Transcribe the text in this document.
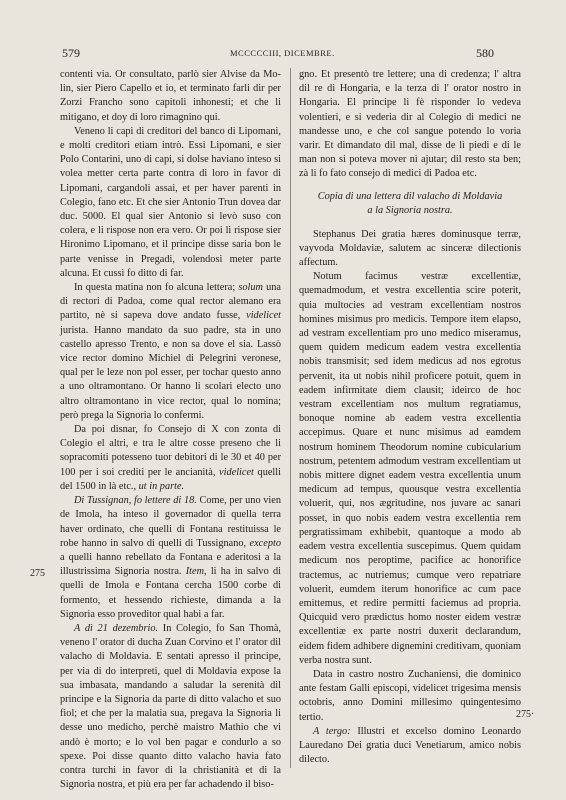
579	MCCCCCIII, DICEMBRE.	580
275
275·

contenti via. Or consultato, parlò sier Alvise da Mo-lin, sier Piero Capello et io, et terminato farli dir per Zorzi Francho sono capitoli inhonesti; et che li mitigano, et doy di loro rimagnino qui.

Veneno li capi di creditori del banco di Lipomani, e molti creditori etiam intrò. Essi Lipomani, e sier Polo Contarini, uno di capi, si dolse haviano inteso si volea metter certa parte contra di loro in favor di Lipomani, cargandoli assai, et per haver parenti in Colegio, fano etc. Et che sier Antonio Trun dovea dar duc. 5000. El qual sier Antonio si levò suso con colera, e li rispose non era vero. Or poi li rispose sier Hironimo Lipomano, et il principe disse saria bon le parte venisse in Pregadi, volendosi meter parte alcuna. Et cussì fo ditto di far.

In questa matina non fo alcuna lettera; solum una di rectori di Padoa, come qual rector alemano era partito, nè si sapeva dove andato fusse, videlicet jurista. Hanno mandato da suo padre, sta in uno castello apresso Trento, e non sa dove el sia. Lassò vice rector domino Michiel di Pelegrini veronese, qual per le leze non pol esser, per tochar questo anno a uno oltramontano. Or hanno li scolari electo uno altro oltramontano in vice rector, qual lo nomina; però prega la Signoria lo confermi.

Da poi disnar, fo Consejo di X con zonta di Colegio el altri, e tra le altre cosse preseno che li sopracomiti potesseno tuor debitori di le 30 et 40 per 100 per i soi crediti per le ancianità, videlicet quelli del 1500 in là etc., ut in parte.

Di Tussignan, fo lettere di 18. Come, per uno vien de Imola, ha inteso il governador di quella terra haver ordinato, che quelli di Fontana restituissa le robe hanno in salvo di quelli di Tussignano, excepto a quelli hanno rebellato da Fontana e aderitosi a la illustrissima Signoria nostra. Item, li ha in salvo di quelli de Imola e Fontana cercha 1500 corbe di formento, et hessendo richieste, dimanda a la Signoria esso proveditor qual habi a far.

A dì 21 dezembrio. In Colegio, fo San Thomà, veneno l' orator di ducha Zuan Corvino et l' orator dil valacho di Moldavia. E sentati apresso il principe, per via di do interpreti, quel di Moldavia expose la sua imbasata, mandando a saludar la serenità dil principe e la Signoria da parte di ditto valacho et suo fiol; et che per la malatia sua, pregava la Signoria li desse uno medicho, perchè maistro Mathio che vi andò è morto; e lo vol ben pagar e condurlo a so spexe. Poi disse quanto ditto valacho havia fato contra turchi in favor di la christianità et di la Signoria nostra, et più era per far achadendo il biso-

gno. Et presentò tre lettere; una di credenza; l' altra dil re di Hongaria, e la terza di l' orator nostro in Hongaria. El principe li fè risponder lo vedeva volentieri, e si vederia dir al Colegio di medici ne mandesse uno, e che col sangue potendo lo voria varir. Et dimandato dil mal, disse de lì piedi e di le man non si poteva mover nì ajutar; dil resto sta ben; zà li fo fato consejo di medici di Padoa etc.

Copia di una lettera dil valacho di Moldavia
a la Signoria nostra.

Stephanus Dei gratia hæres dominusque terræ, vayvoda Moldaviæ, salutem ac sinceræ dilectionis affectum.

Notum facimus vestræ excellentiæ, quemadmodum, et vestra excellentia scire poterit, quia multocies ad vestram excellentiam nostros homines misimus pro medicis. Tempore item elapso, ad vestram excellentiam pro uno medico miseramus, quem quidem medicum eadem vestra excellentia nobis transmisit; sed idem medicus ad nos egrotus pervenit, ita ut nobis nihil proficere potuit, quem in eadem infirmitate diem clausit; ideirco de hoc vestram excellentiam nos multum regratiamus, bonoque nomine ab eadem vestra excellentia accepimus. Quare et nunc misimus ad eamdem nostrum hominem Theodorum nomine cubicularium nostrum, petentem admodum vestram excellentiam ut nobis mittere dignet eadem vestra excellentia unum medicum ad tempus, quousque vestra excellentia voluerit, qui, nos ægritudine, nos juvare ac sanari posset, in quo nobis eadem vestra excellentia rem pergratissimam exhibebit, quantoque a modo ab eadem vestra excellentia suscepimus. Quem quidam medicum nos peroptime, pacifice ac honorifice tractemus, ac nutriemus; cumque vero repatriare voluerit, eumdem iterum honorifice ac cum pace emittemus, et redire permitti faciemus ad propria. Quicquid vero prædictus homo noster eidem vestræ excellentiæ ex parte nostri duxerit declarandum, eidem fidem adhibere dignemini creditivam, quoniam verba nostra sunt.

Data in castro nostro Zuchaniensi, die dominico ante festam Galli episcopi, videlicet trigesima mensis octobris, anno Domini millesimo quingentesimo tertio.

A tergo: Illustri et excelso domino Leonardo Lauredano Dei gratia duci Venetiarum, amico nobis dilecto.
